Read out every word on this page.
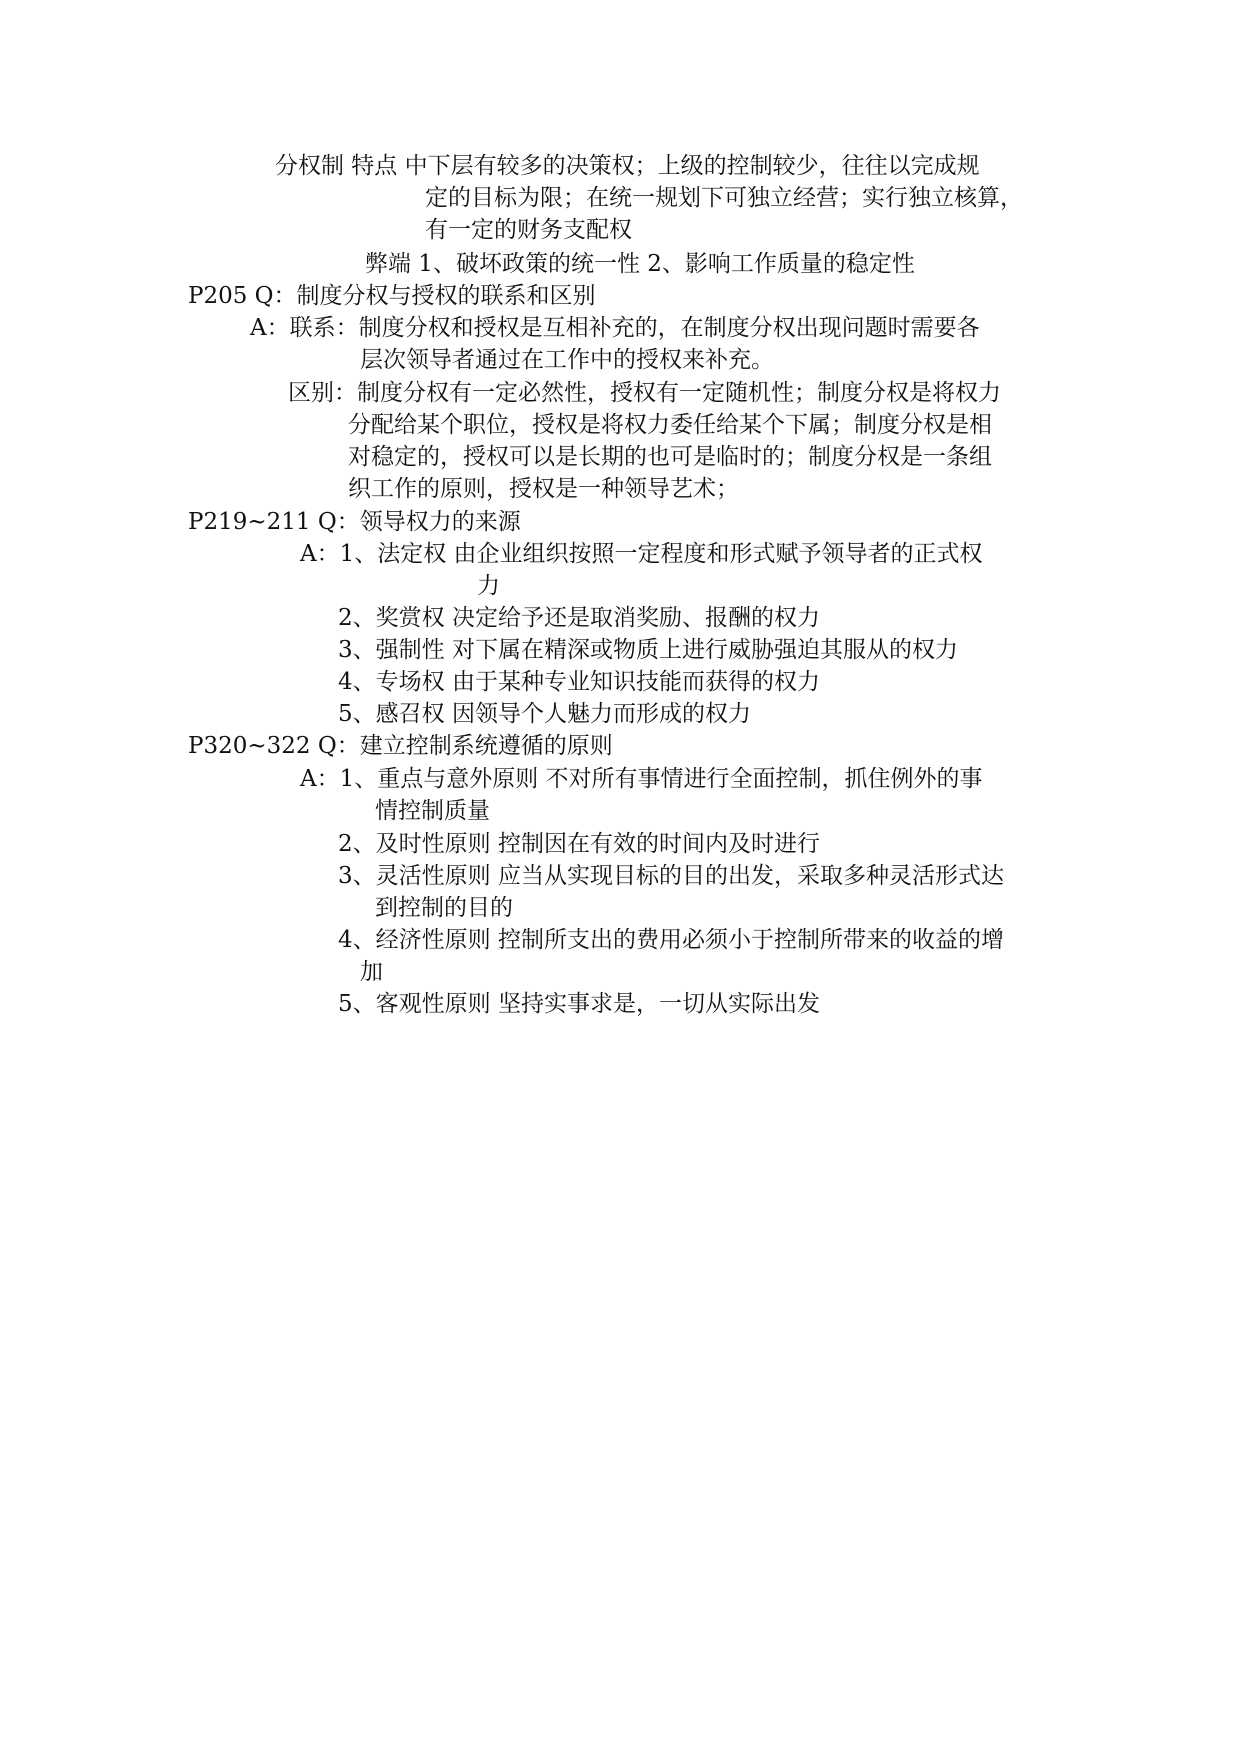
分权制 特点 中下层有较多的决策权；上级的控制较少，往往以完成规
定的目标为限；在统一规划下可独立经营；实行独立核算，
有一定的财务支配权
弊端 1、破坏政策的统一性 2、影响工作质量的稳定性
P205 Q：制度分权与授权的联系和区别
A：联系：制度分权和授权是互相补充的，在制度分权出现问题时需要各
层次领导者通过在工作中的授权来补充。
区别：制度分权有一定必然性，授权有一定随机性；制度分权是将权力
分配给某个职位，授权是将权力委任给某个下属；制度分权是相
对稳定的，授权可以是长期的也可是临时的；制度分权是一条组
织工作的原则，授权是一种领导艺术；
P219~211 Q：领导权力的来源
A：1、法定权 由企业组织按照一定程度和形式赋予领导者的正式权
力
2、奖赏权 决定给予还是取消奖励、报酬的权力
3、强制性 对下属在精深或物质上进行威胁强迫其服从的权力
4、专场权 由于某种专业知识技能而获得的权力
5、感召权 因领导个人魅力而形成的权力
P320~322 Q：建立控制系统遵循的原则
A：1、重点与意外原则 不对所有事情进行全面控制，抓住例外的事
情控制质量
2、及时性原则 控制因在有效的时间内及时进行
3、灵活性原则 应当从实现目标的目的出发，采取多种灵活形式达
到控制的目的
4、经济性原则 控制所支出的费用必须小于控制所带来的收益的增
加
5、客观性原则 坚持实事求是，一切从实际出发
